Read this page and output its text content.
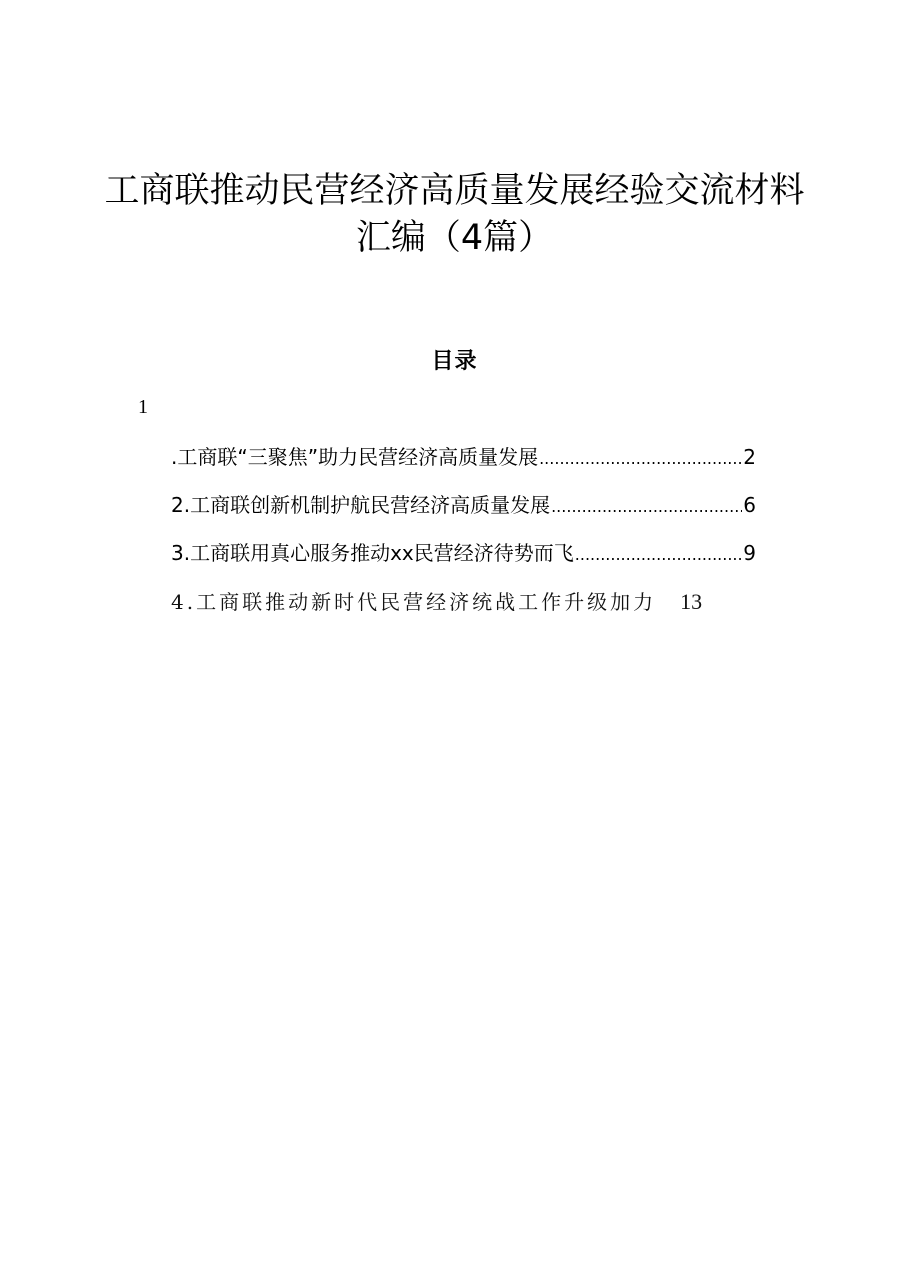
工商联推动民营经济高质量发展经验交流材料
汇编（4篇）
目录
1
.工商联“三聚焦”助力民营经济高质量发展 .....	2
2.工商联创新机制护航民营经济高质量发展 .....	6
3.工商联用真心服务推动xx民营经济待势而飞 .....	9
4.工商联推动新时代民营经济统战工作升级加力 13
